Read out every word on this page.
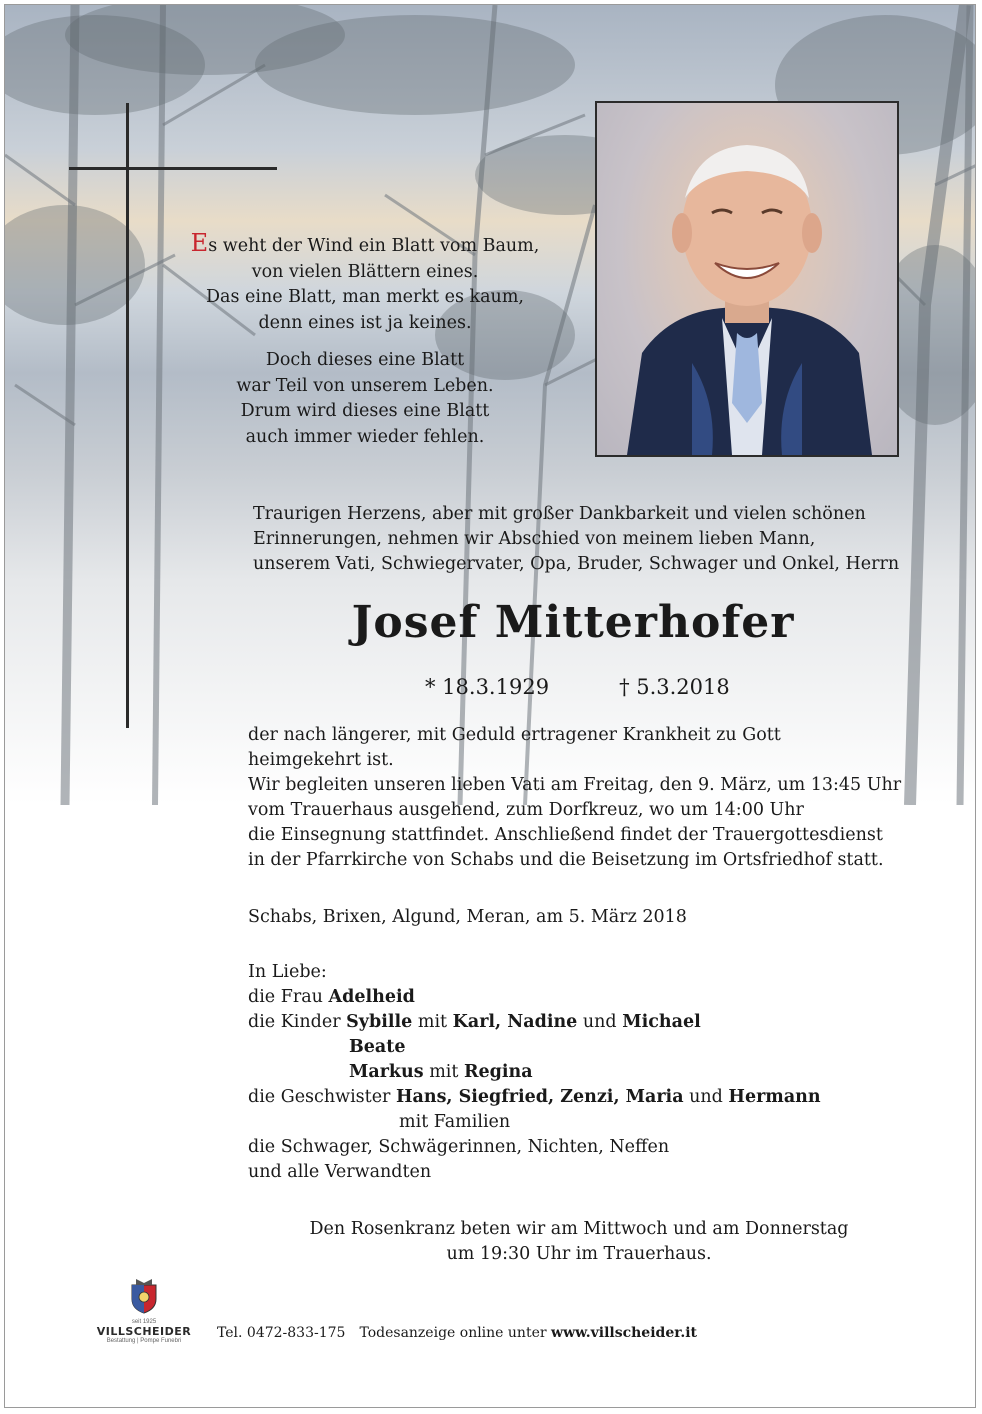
Es weht der Wind ein Blatt vom Baum,
von vielen Blättern eines.
Das eine Blatt, man merkt es kaum,
denn eines ist ja keines.

Doch dieses eine Blatt
war Teil von unserem Leben.
Drum wird dieses eine Blatt
auch immer wieder fehlen.

Traurigen Herzens, aber mit großer Dankbarkeit und vielen schönen
Erinnerungen, nehmen wir Abschied von meinem lieben Mann,
unserem Vati, Schwiegervater, Opa, Bruder, Schwager und Onkel, Herrn
Josef Mitterhofer
* 18.3.1929	† 5.3.2018
der nach längerer, mit Geduld ertragener Krankheit zu Gott
heimgekehrt ist.
Wir begleiten unseren lieben Vati am Freitag, den 9. März, um 13:45 Uhr
vom Trauerhaus ausgehend, zum Dorfkreuz, wo um 14:00 Uhr
die Einsegnung stattfindet. Anschließend findet der Trauergottesdienst
in der Pfarrkirche von Schabs und die Beisetzung im Ortsfriedhof statt.
Schabs, Brixen, Algund, Meran, am 5. März 2018
In Liebe:
die Frau Adelheid
die Kinder Sybille mit Karl, Nadine und Michael
Beate
Markus mit Regina
die Geschwister Hans, Siegfried, Zenzi, Maria und Hermann
mit Familien
die Schwager, Schwägerinnen, Nichten, Neffen
und alle Verwandten
Den Rosenkranz beten wir am Mittwoch und am Donnerstag
um 19:30 Uhr im Trauerhaus.
seit 1925
VILLSCHEIDER
Bestattung | Pompe Funebri	Tel. 0472-833-175 Todesanzeige online unter www.villscheider.it
